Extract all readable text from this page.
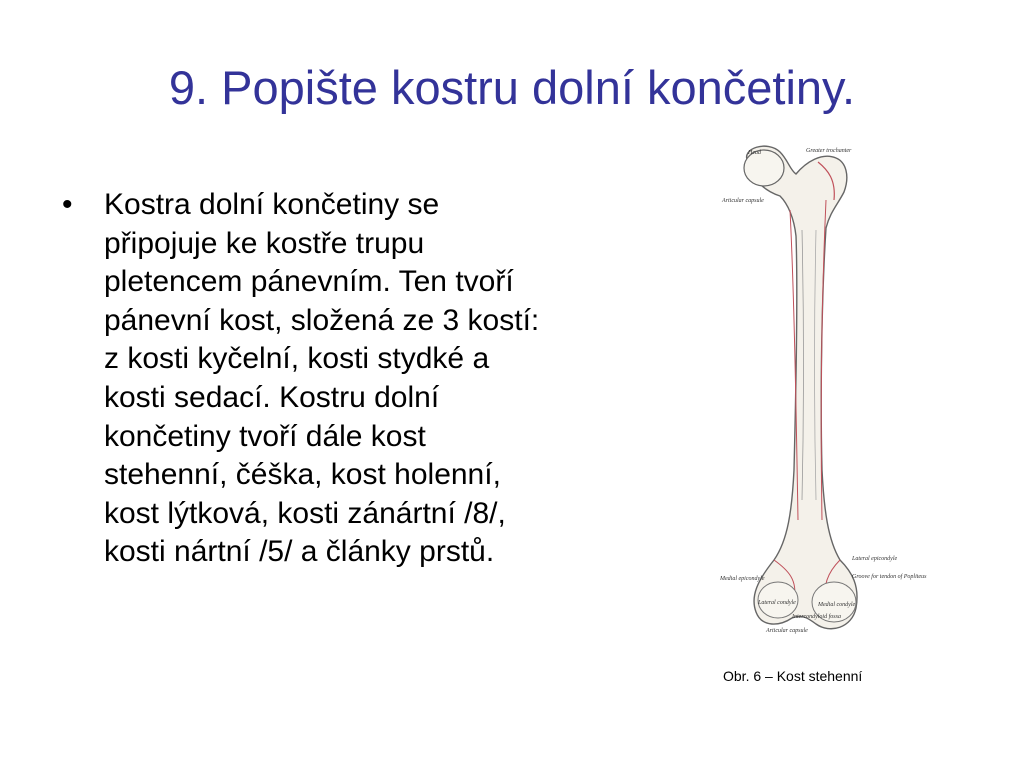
9. Popište kostru dolní končetiny.
•	Kostra dolní končetiny se
připojuje ke kostře trupu
pletencem pánevním. Ten tvoří
pánevní kost, složená ze 3 kostí:
z kosti kyčelní, kosti stydké a
kosti sedací. Kostru dolní
končetiny tvoří dále kost
stehenní, čéška, kost holenní,
kost lýtková, kosti zánártní /8/,
kosti nártní /5/ a články prstů.
Head	Greater trochanter
Articular capsule
Lateral epicondyle
Groove for tendon of Popliteus
Medial epicondyle
Articular capsule
Lateral condyle	Medial condyle
Intercondyloid fossa
Obr. 6 – Kost stehenní
